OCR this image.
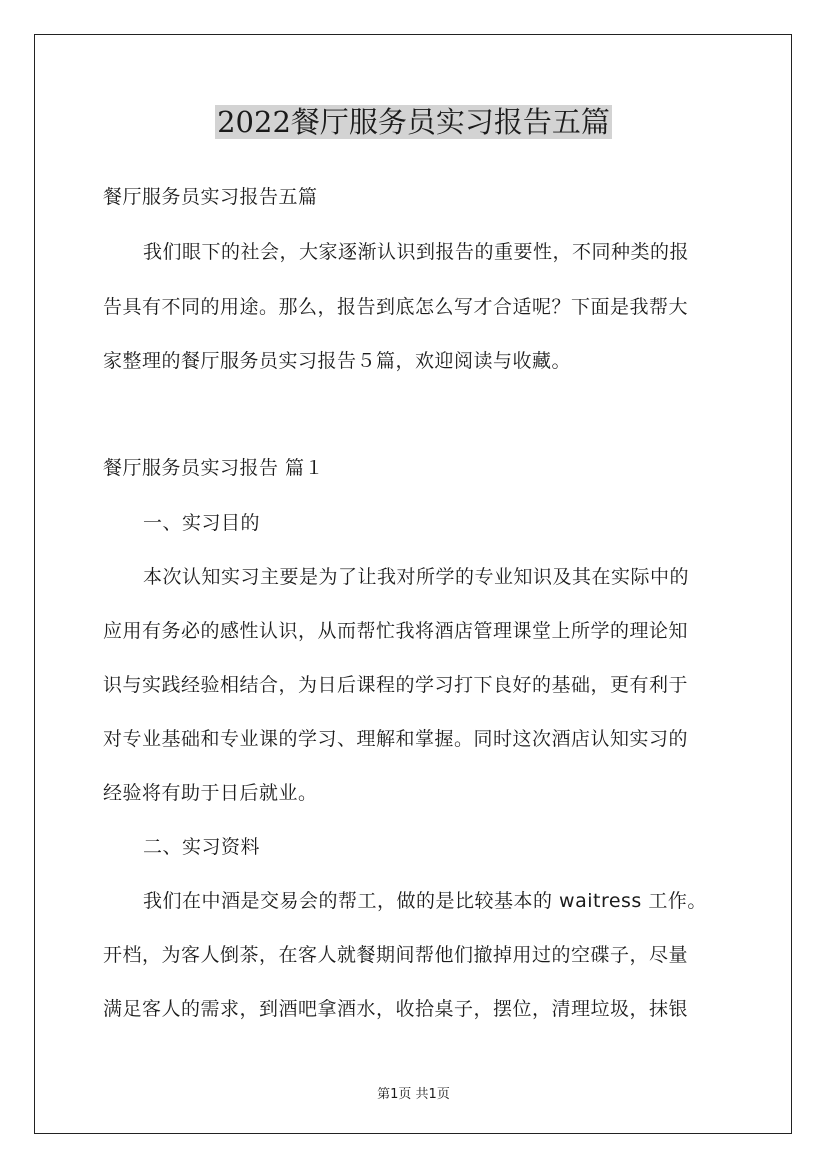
2022餐厅服务员实习报告五篇
餐厅服务员实习报告五篇
我们眼下的社会，大家逐渐认识到报告的重要性，不同种类的报
告具有不同的用途。那么，报告到底怎么写才合适呢？下面是我帮大
家整理的餐厅服务员实习报告５篇，欢迎阅读与收藏。
餐厅服务员实习报告 篇１
一、实习目的
本次认知实习主要是为了让我对所学的专业知识及其在实际中的
应用有务必的感性认识，从而帮忙我将酒店管理课堂上所学的理论知
识与实践经验相结合，为日后课程的学习打下良好的基础，更有利于
对专业基础和专业课的学习、理解和掌握。同时这次酒店认知实习的
经验将有助于日后就业。
二、实习资料
我们在中酒是交易会的帮工，做的是比较基本的 waitress 工作。
开档，为客人倒茶，在客人就餐期间帮他们撤掉用过的空碟子，尽量
满足客人的需求，到酒吧拿酒水，收拾桌子，摆位，清理垃圾，抹银
第1页 共1页
